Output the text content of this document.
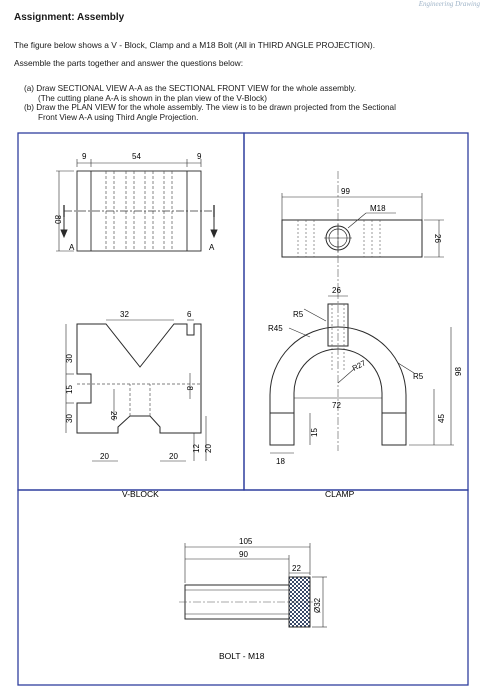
Engineering Drawing
Assignment: Assembly
The figure below shows a V - Block, Clamp and a M18 Bolt (All in THIRD ANGLE PROJECTION).
Assemble the parts together and answer the questions below:
(a) Draw SECTIONAL VIEW A-A as the SECTIONAL FRONT VIEW for the whole assembly.
(The cutting plane A-A is shown in the plan view of the V-Block)
(b) Draw the PLAN VIEW for the whole assembly. The view is to be drawn projected from the Sectional
Front View A-A using Third Angle Projection.
9	54	9
80
A	A
32	6
30
15
30	26
8
20	20
12 20
V-BLOCK
99
M18
26
R5
R45
26
R27
R5
98
72
45
15
18
CLAMP
105
90
22
Ø32
BOLT - M18
